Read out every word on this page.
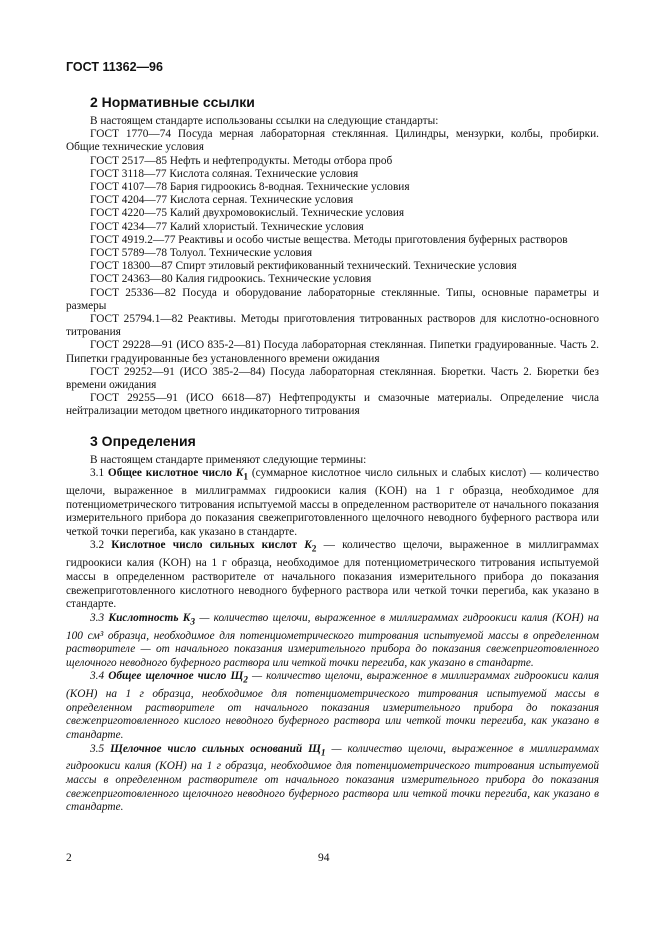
ГОСТ 11362—96
2 Нормативные ссылки

В настоящем стандарте использованы ссылки на следующие стандарты:

ГОСТ 1770—74 Посуда мерная лабораторная стеклянная. Цилиндры, мензурки, колбы, пробирки. Общие технические условия

ГОСТ 2517—85 Нефть и нефтепродукты. Методы отбора проб

ГОСТ 3118—77 Кислота соляная. Технические условия

ГОСТ 4107—78 Бария гидроокись 8-водная. Технические условия

ГОСТ 4204—77 Кислота серная. Технические условия

ГОСТ 4220—75 Калий двухромовокислый. Технические условия

ГОСТ 4234—77 Калий хлористый. Технические условия

ГОСТ 4919.2—77 Реактивы и особо чистые вещества. Методы приготовления буферных растворов

ГОСТ 5789—78 Толуол. Технические условия

ГОСТ 18300—87 Спирт этиловый ректификованный технический. Технические условия

ГОСТ 24363—80 Калия гидроокись. Технические условия

ГОСТ 25336—82 Посуда и оборудование лабораторные стеклянные. Типы, основные параметры и размеры

ГОСТ 25794.1—82 Реактивы. Методы приготовления титрованных растворов для кислотно-основного титрования

ГОСТ 29228—91 (ИСО 835-2—81) Посуда лабораторная стеклянная. Пипетки градуированные. Часть 2. Пипетки градуированные без установленного времени ожидания

ГОСТ 29252—91 (ИСО 385-2—84) Посуда лабораторная стеклянная. Бюретки. Часть 2. Бюретки без времени ожидания

ГОСТ 29255—91 (ИСО 6618—87) Нефтепродукты и смазочные материалы. Определение числа нейтрализации методом цветного индикаторного титрования

3 Определения

В настоящем стандарте применяют следующие термины:

3.1 Общее кислотное число $K_1$ (суммарное кислотное число сильных и слабых кислот) — количество щелочи, выраженное в миллиграммах гидроокиси калия (KOH) на 1 г образца, необходимое для потенциометрического титрования испытуемой массы в определенном растворителе от начального показания измерительного прибора до показания свежеприготовленного щелочного неводного буферного раствора или четкой точки перегиба, как указано в стандарте.

3.2 Кислотное число сильных кислот $K_2$ — количество щелочи, выраженное в миллиграммах гидроокиси калия (KOH) на 1 г образца, необходимое для потенциометрического титрования испытуемой массы в определенном растворителе от начального показания измерительного прибора до показания свежеприготовленного кислотного неводного буферного раствора или четкой точки перегиба, как указано в стандарте.

3.3 Кислотность $K_3$ — количество щелочи, выраженное в миллиграммах гидроокиси калия (KOH) на 100 см³ образца, необходимое для потенциометрического титрования испытуемой массы в определенном растворителе — от начального показания измерительного прибора до показания свежеприготовленного щелочного неводного буферного раствора или четкой точки перегиба, как указано в стандарте.

3.4 Общее щелочное число $Щ_2$ — количество щелочи, выраженное в миллиграммах гидроокиси калия (KOH) на 1 г образца, необходимое для потенциометрического титрования испытуемой массы в определенном растворителе от начального показания измерительного прибора до показания свежеприготовленного кислого неводного буферного раствора или четкой точки перегиба, как указано в стандарте.

3.5 Щелочное число сильных оснований $Щ_1$ — количество щелочи, выраженное в миллиграммах гидроокиси калия (KOH) на 1 г образца, необходимое для потенциометрического титрования испытуемой массы в определенном растворителе от начального показания измерительного прибора до показания свежеприготовленного щелочного неводного буферного раствора или четкой точки перегиба, как указано в стандарте.

2	94
